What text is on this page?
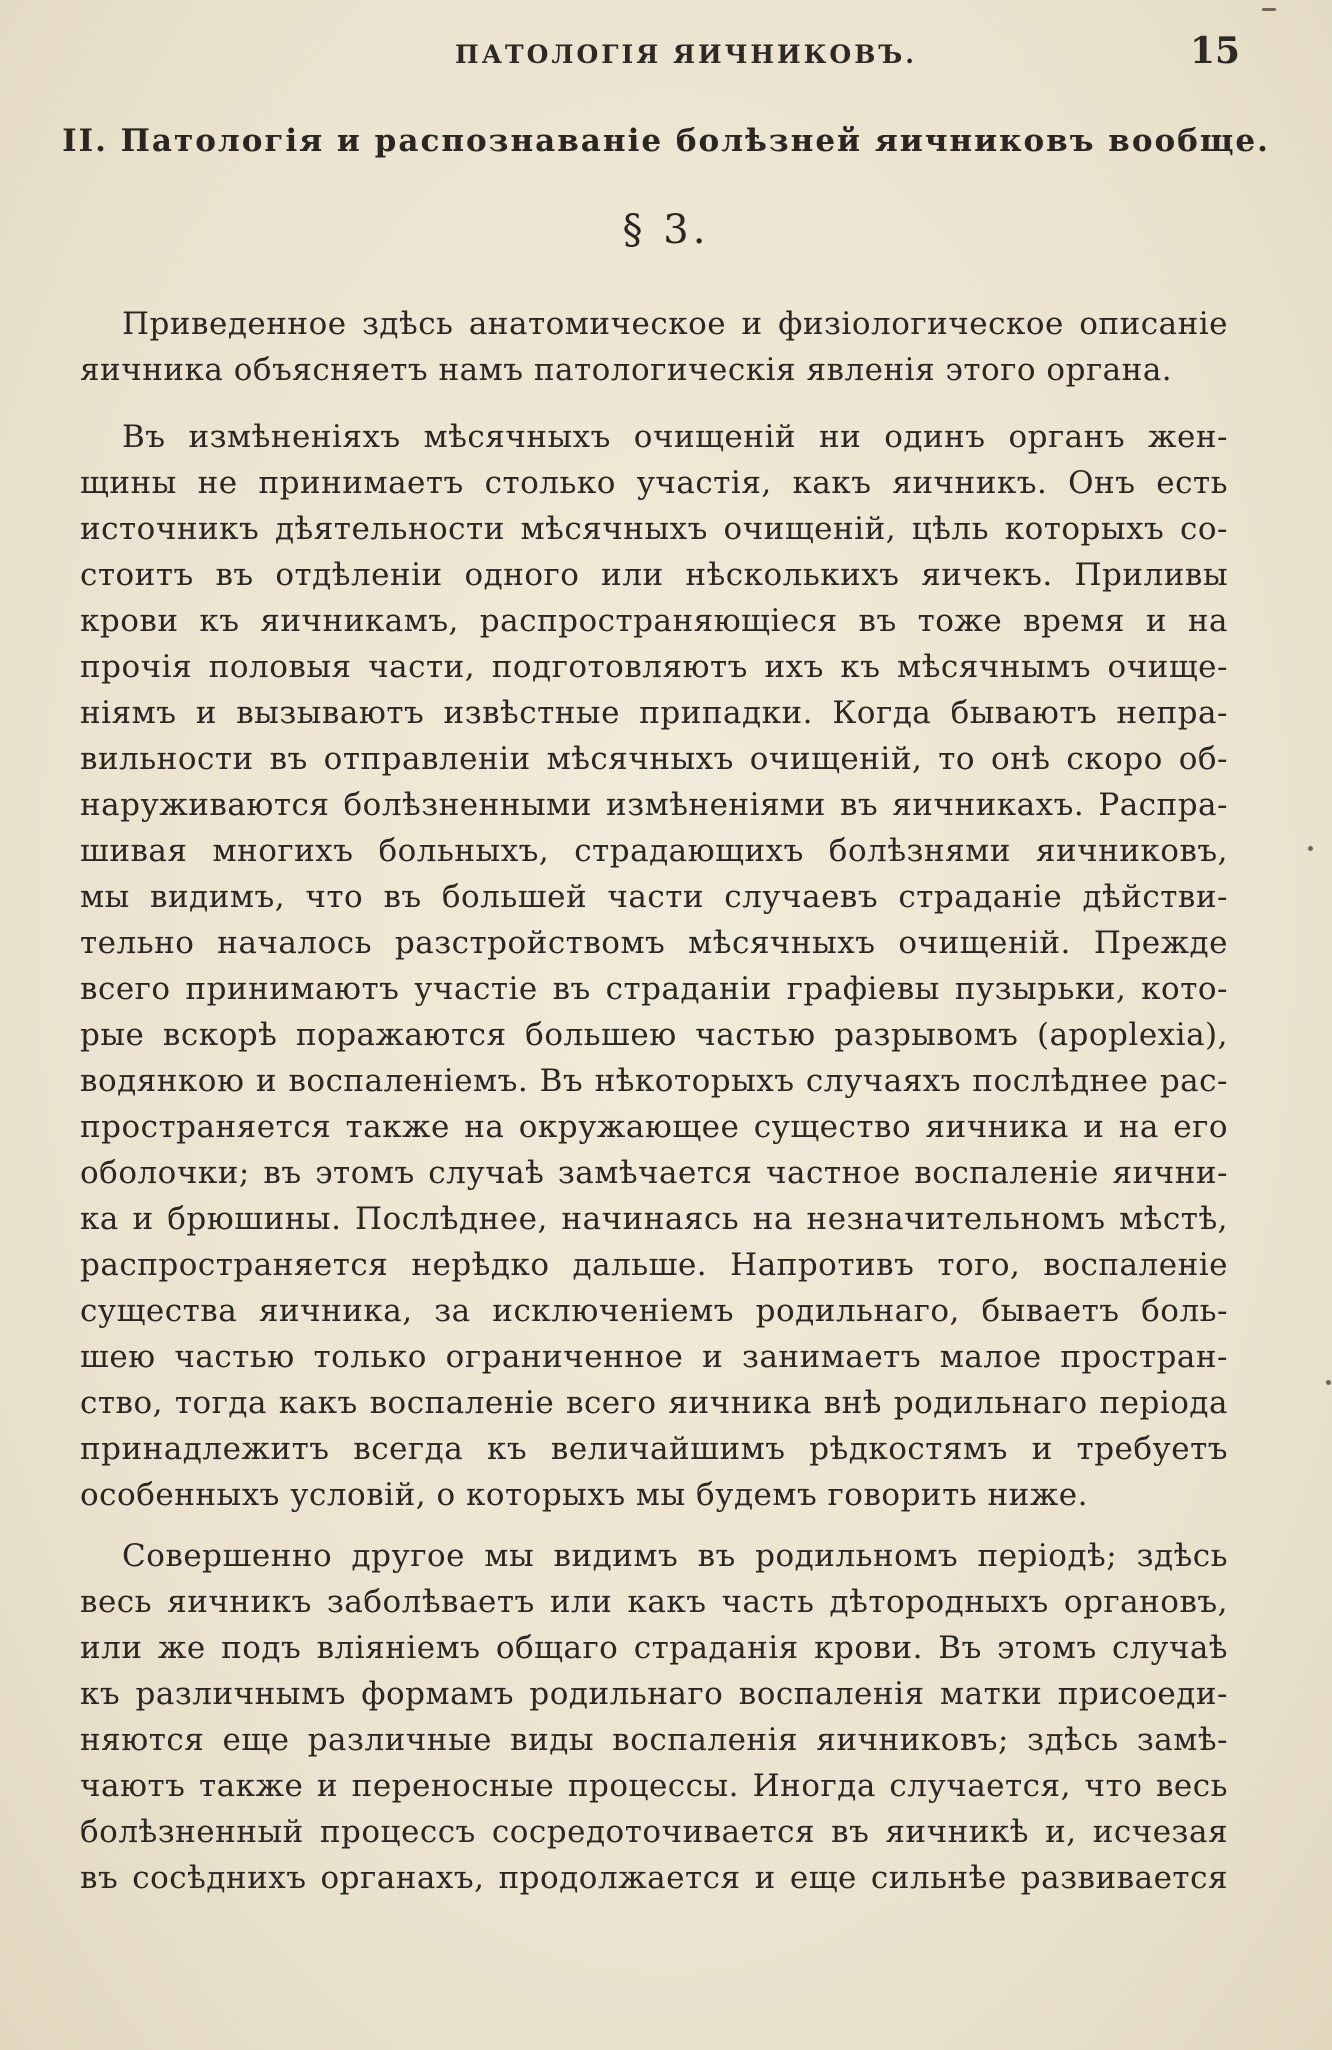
ПАТОЛОГІЯ ЯИЧНИКОВЪ.	15
II. Патологія и распознаванiе болѣзней яичниковъ вообще.
§ 3.
Приведенное здѣсь анатомическое и физіологическое описанiе
яичника объясняетъ намъ патологическія явленія этого органа.
Въ измѣненіяхъ мѣсячныхъ очищеній ни одинъ органъ жен-
щины не принимаетъ столько участія, какъ яичникъ. Онъ есть
источникъ дѣятельности мѣсячныхъ очищеній, цѣль которыхъ со-
стоитъ въ отдѣленіи одного или нѣсколькихъ яичекъ. Приливы
крови къ яичникамъ, распространяющіеся въ тоже время и на
прочія половыя части, подготовляютъ ихъ къ мѣсячнымъ очище-
ніямъ и вызываютъ извѣстные припадки. Когда бываютъ непра-
вильности въ отправленіи мѣсячныхъ очищеній, то онѣ скоро об-
наруживаются болѣзненными измѣненіями въ яичникахъ. Распра-
шивая многихъ больныхъ, страдающихъ болѣзнями яичниковъ,
мы видимъ, что въ большей части случаевъ страданіе дѣйстви-
тельно началось разстройствомъ мѣсячныхъ очищеній. Прежде
всего принимаютъ участіе въ страданіи графіевы пузырьки, кото-
рые вскорѣ поражаются большею частью разрывомъ (apoplexia),
водянкою и воспаленіемъ. Въ нѣкоторыхъ случаяхъ послѣднее рас-
пространяется также на окружающее существо яичника и на его
оболочки; въ этомъ случаѣ замѣчается частное воспаленіе яични-
ка и брюшины. Послѣднее, начинаясь на незначительномъ мѣстѣ,
распространяется нерѣдко дальше. Напротивъ того, воспаленіе
существа яичника, за исключеніемъ родильнаго, бываетъ боль-
шею частью только ограниченное и занимаетъ малое простран-
ство, тогда какъ воспаленіе всего яичника внѣ родильнаго періода
принадлежитъ всегда къ величайшимъ рѣдкостямъ и требуетъ
особенныхъ условій, о которыхъ мы будемъ говорить ниже.
Совершенно другое мы видимъ въ родильномъ періодѣ; здѣсь
весь яичникъ заболѣваетъ или какъ часть дѣтородныхъ органовъ,
или же подъ вліяніемъ общаго страданія крови. Въ этомъ случаѣ
къ различнымъ формамъ родильнаго воспаленія матки присоеди-
няются еще различные виды воспаленія яичниковъ; здѣсь замѣ-
чаютъ также и переносные процессы. Иногда случается, что весь
болѣзненный процессъ сосредоточивается въ яичникѣ и, исчезая
въ сосѣднихъ органахъ, продолжается и еще сильнѣе развивается
